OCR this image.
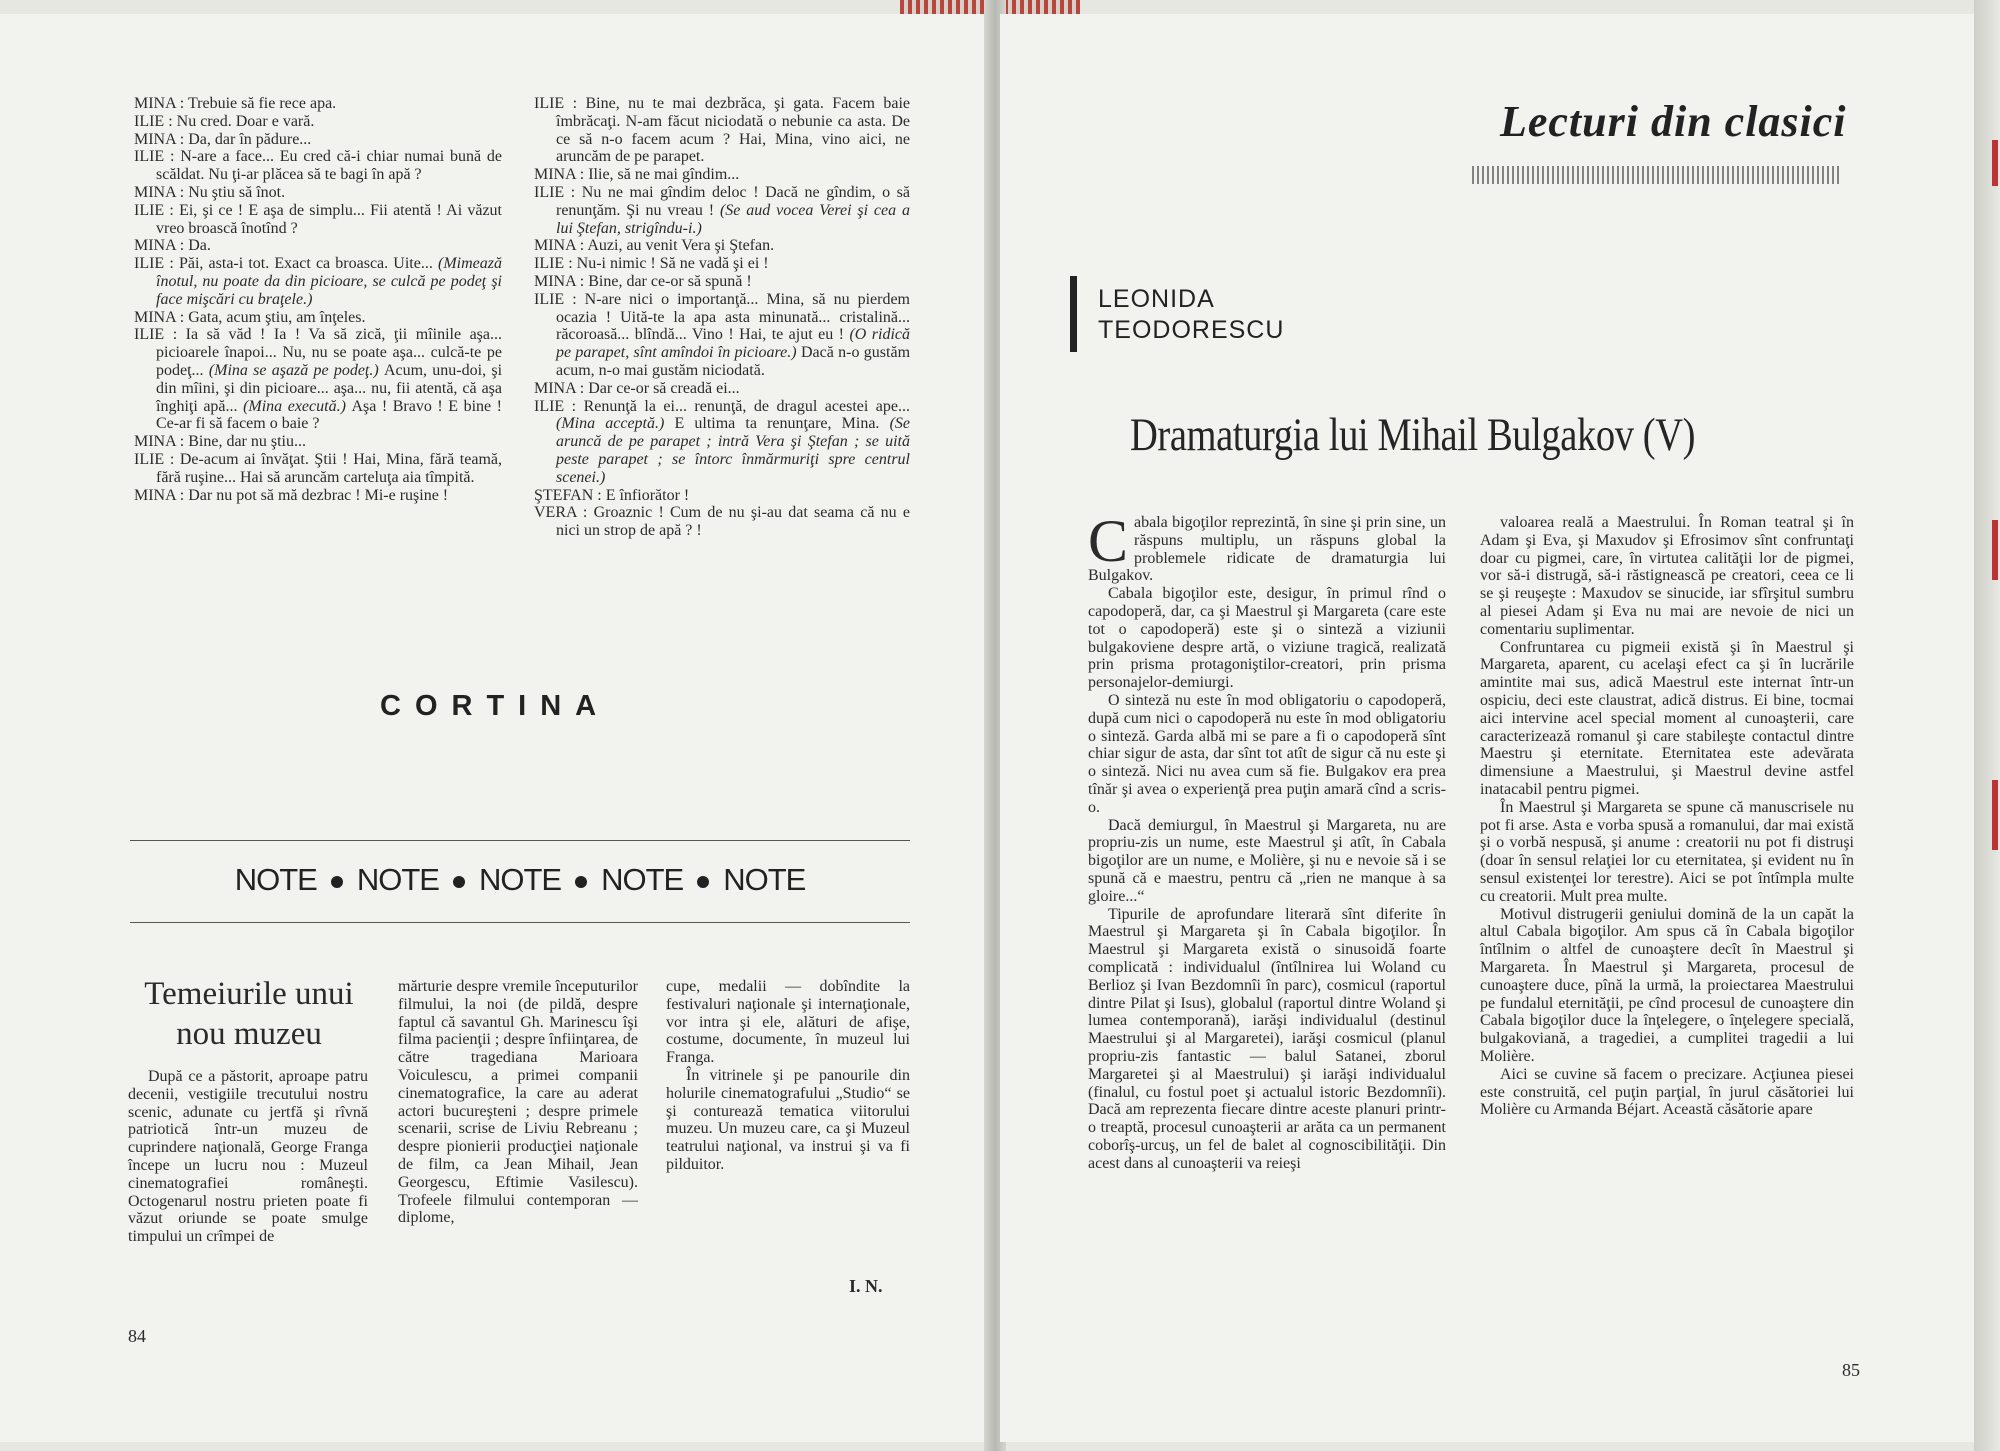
MINA : Trebuie să fie rece apa.

ILIE : Nu cred. Doar e vară.

MINA : Da, dar în pădure...

ILIE : N-are a face... Eu cred că-i chiar numai bună de scăldat. Nu ţi-ar plăcea să te bagi în apă ?

MINA : Nu ştiu să înot.

ILIE : Ei, şi ce ! E aşa de simplu... Fii atentă ! Ai văzut vreo broască înotînd ?

MINA : Da.

ILIE : Păi, asta-i tot. Exact ca broasca. Uite... (Mimează înotul, nu poate da din picioare, se culcă pe podeţ şi face mişcări cu braţele.)

MINA : Gata, acum ştiu, am înţeles.

ILIE : Ia să văd ! Ia ! Va să zică, ţii mîinile aşa... picioarele înapoi... Nu, nu se poate aşa... culcă-te pe podeţ... (Mina se aşază pe podeţ.) Acum, unu-doi, şi din mîini, şi din picioare... aşa... nu, fii atentă, că aşa înghiţi apă... (Mina execută.) Aşa ! Bravo ! E bine ! Ce-ar fi să facem o baie ?

MINA : Bine, dar nu ştiu...

ILIE : De-acum ai învăţat. Ştii ! Hai, Mina, fără teamă, fără ruşine... Hai să aruncăm carteluţa aia tîmpită.

MINA : Dar nu pot să mă dezbrac ! Mi-e ruşine !

ILIE : Bine, nu te mai dezbrăca, şi gata. Facem baie îmbrăcaţi. N-am făcut niciodată o nebunie ca asta. De ce să n-o facem acum ? Hai, Mina, vino aici, ne aruncăm de pe parapet.

MINA : Ilie, să ne mai gîndim...

ILIE : Nu ne mai gîndim deloc ! Dacă ne gîndim, o să renunţăm. Şi nu vreau ! (Se aud vocea Verei şi cea a lui Ştefan, strigîndu-i.)

MINA : Auzi, au venit Vera şi Ştefan.

ILIE : Nu-i nimic ! Să ne vadă şi ei !

MINA : Bine, dar ce-or să spună !

ILIE : N-are nici o importanţă... Mina, să nu pierdem ocazia ! Uită-te la apa asta minunată... cristalină... răcoroasă... blîndă... Vino ! Hai, te ajut eu ! (O ridică pe parapet, sînt amîndoi în picioare.) Dacă n-o gustăm acum, n-o mai gustăm niciodată.

MINA : Dar ce-or să creadă ei...

ILIE : Renunţă la ei... renunţă, de dragul acestei ape... (Mina acceptă.) E ultima ta renunţare, Mina. (Se aruncă de pe parapet ; intră Vera şi Ştefan ; se uită peste parapet ; se întorc înmărmuriţi spre centrul scenei.)

ŞTEFAN : E înfiorător !

VERA : Groaznic ! Cum de nu şi-au dat seama că nu e nici un strop de apă ? !

CORTINA
NOTE NOTE NOTE NOTE NOTE
Temeiurile unui nou muzeu

După ce a păstorit, aproape patru decenii, vestigiile trecutului nostru scenic, adunate cu jertfă şi rîvnă patriotică într-un muzeu de cuprindere naţională, George Franga începe un lucru nou : Muzeul cinematografiei româneşti. Octogenarul nostru prieten poate fi văzut oriunde se poate smulge timpului un crîmpei de

mărturie despre vremile începuturilor filmului, la noi (de pildă, despre faptul că savantul Gh. Marinescu îşi filma pacienţii ; despre înfiinţarea, de către tragediana Marioara Voiculescu, a primei companii cinematografice, la care au aderat actori bucureşteni ; despre primele scenarii, scrise de Liviu Rebreanu ; despre pionierii producţiei naţionale de film, ca Jean Mihail, Jean Georgescu, Eftimie Vasilescu). Trofeele filmului contemporan — diplome,

cupe, medalii — dobîndite la festivaluri naţionale şi internaţionale, vor intra şi ele, alături de afişe, costume, documente, în muzeul lui Franga.

În vitrinele şi pe panourile din holurile cinematografului „Studio“ se şi conturează tematica viitorului muzeu. Un muzeu care, ca şi Muzeul teatrului naţional, va instrui şi va fi pilduitor.

I. N.
84
Lecturi din clasici
LEONIDA
TEODORESCU
Dramaturgia lui Mihail Bulgakov (V)

Cabala bigoţilor reprezintă, în sine şi prin sine, un răspuns multiplu, un răspuns global la problemele ridicate de dramaturgia lui Bulgakov.

Cabala bigoţilor este, desigur, în primul rînd o capodoperă, dar, ca şi Maestrul şi Margareta (care este tot o capodoperă) este şi o sinteză a viziunii bulgakoviene despre artă, o viziune tragică, realizată prin prisma protagoniştilor-creatori, prin prisma personajelor-demiurgi.

O sinteză nu este în mod obligatoriu o capodoperă, după cum nici o capodoperă nu este în mod obligatoriu o sinteză. Garda albă mi se pare a fi o capodoperă sînt chiar sigur de asta, dar sînt tot atît de sigur că nu este şi o sinteză. Nici nu avea cum să fie. Bulgakov era prea tînăr şi avea o experienţă prea puţin amară cînd a scris-o.

Dacă demiurgul, în Maestrul şi Margareta, nu are propriu-zis un nume, este Maestrul şi atît, în Cabala bigoţilor are un nume, e Molière, şi nu e nevoie să i se spună că e maestru, pentru că „rien ne manque à sa gloire...“

Tipurile de aprofundare literară sînt diferite în Maestrul şi Margareta şi în Cabala bigoţilor. În Maestrul şi Margareta există o sinusoidă foarte complicată : individualul (întîlnirea lui Woland cu Berlioz şi Ivan Bezdomnîi în parc), cosmicul (raportul dintre Pilat şi Isus), globalul (raportul dintre Woland şi lumea contemporană), iarăşi individualul (destinul Maestrului şi al Margaretei), iarăşi cosmicul (planul propriu-zis fantastic — balul Satanei, zborul Margaretei şi al Maestrului) şi iarăşi individualul (finalul, cu fostul poet şi actualul istoric Bezdomnîi). Dacă am reprezenta fiecare dintre aceste planuri printr-o treaptă, procesul cunoaşterii ar arăta ca un permanent coborîş-urcuş, un fel de balet al cognoscibilităţii. Din acest dans al cunoaşterii va reieşi

valoarea reală a Maestrului. În Roman teatral şi în Adam şi Eva, şi Maxudov şi Efrosimov sînt confruntaţi doar cu pigmei, care, în virtutea calităţii lor de pigmei, vor să-i distrugă, să-i răstignească pe creatori, ceea ce li se şi reuşeşte : Maxudov se sinucide, iar sfîrşitul sumbru al piesei Adam şi Eva nu mai are nevoie de nici un comentariu suplimentar.

Confruntarea cu pigmeii există şi în Maestrul şi Margareta, aparent, cu acelaşi efect ca şi în lucrările amintite mai sus, adică Maestrul este internat într-un ospiciu, deci este claustrat, adică distrus. Ei bine, tocmai aici intervine acel special moment al cunoaşterii, care caracterizează romanul şi care stabileşte contactul dintre Maestru şi eternitate. Eternitatea este adevărata dimensiune a Maestrului, şi Maestrul devine astfel inatacabil pentru pigmei.

În Maestrul şi Margareta se spune că manuscrisele nu pot fi arse. Asta e vorba spusă a romanului, dar mai există şi o vorbă nespusă, şi anume : creatorii nu pot fi distruşi (doar în sensul relaţiei lor cu eternitatea, şi evident nu în sensul existenţei lor terestre). Aici se pot întîmpla multe cu creatorii. Mult prea multe.

Motivul distrugerii geniului domină de la un capăt la altul Cabala bigoţilor. Am spus că în Cabala bigoţilor întîlnim o altfel de cunoaştere decît în Maestrul şi Margareta. În Maestrul şi Margareta, procesul de cunoaştere duce, pînă la urmă, la proiectarea Maestrului pe fundalul eternităţii, pe cînd procesul de cunoaştere din Cabala bigoţilor duce la înţelegere, o înţelegere specială, bulgakoviană, a tragediei, a cumplitei tragedii a lui Molière.

Aici se cuvine să facem o precizare. Acţiunea piesei este construită, cel puţin parţial, în jurul căsătoriei lui Molière cu Armanda Béjart. Această căsătorie apare

85
